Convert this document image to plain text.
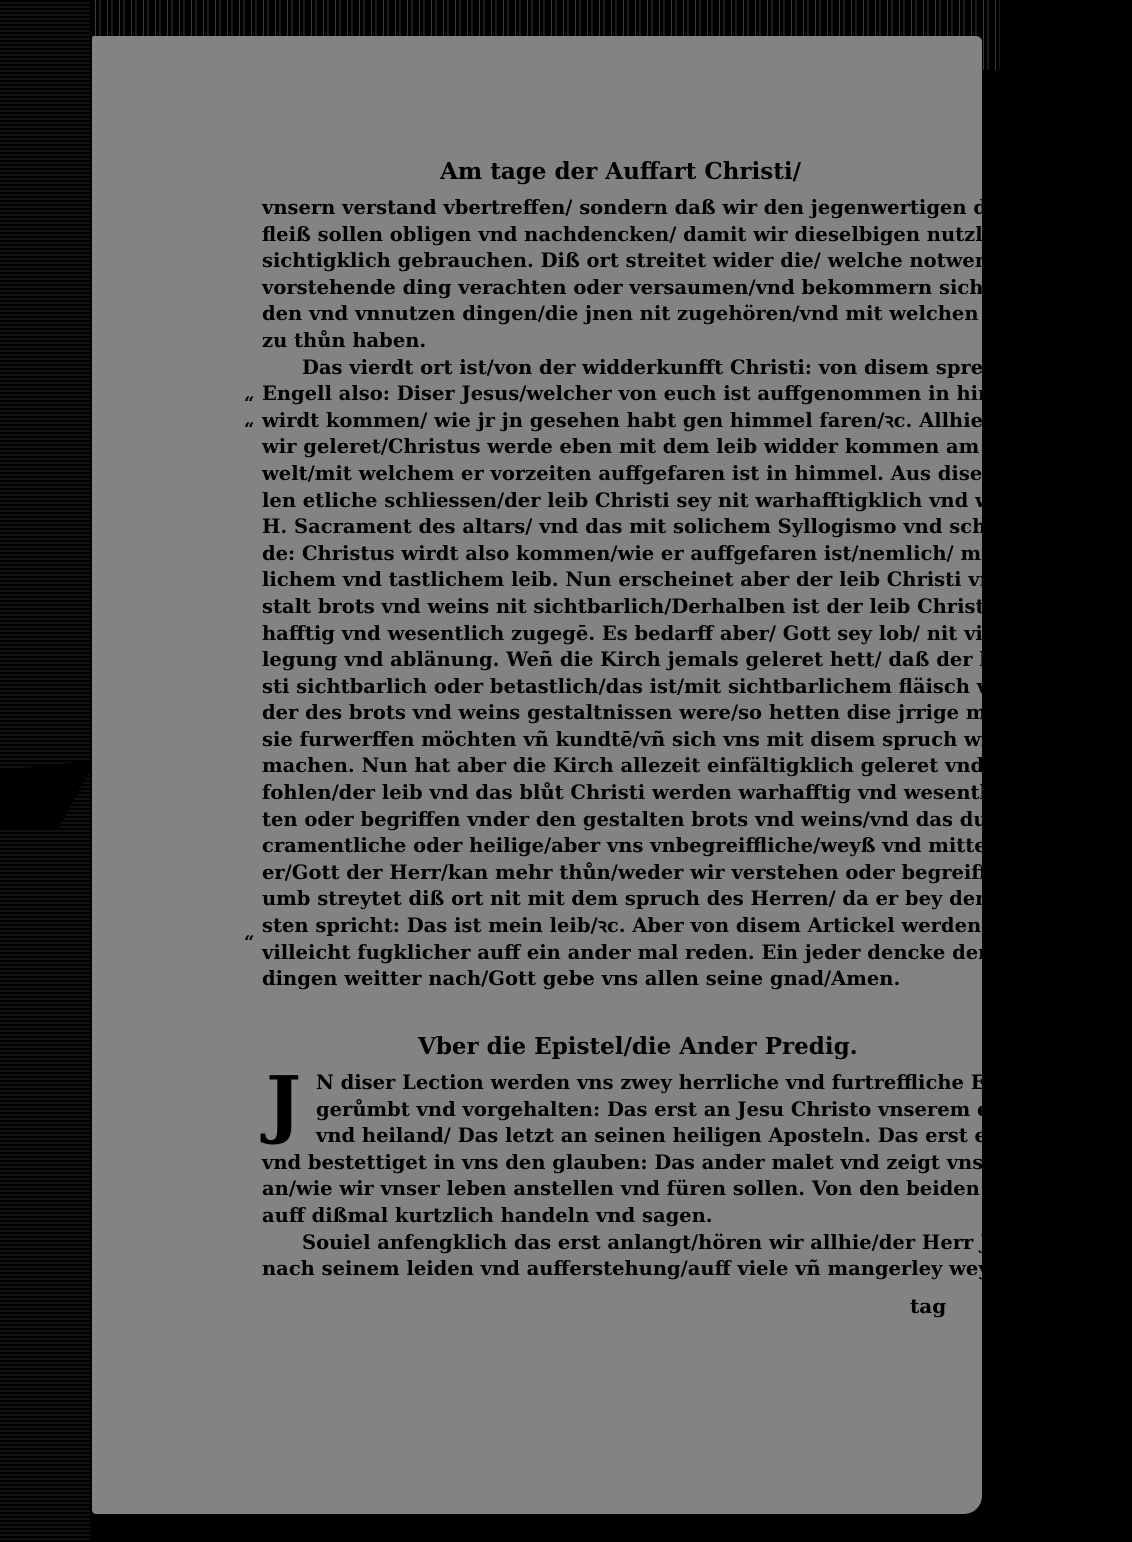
Am tage der Auffart Christi/

vnsern verstand vbertreffen/ sondern daß wir den jegenwertigen dingen mit

fleiß sollen obligen vnd nachdencken/ damit wir dieselbigen nutzlich vnd für-

sichtigklich gebrauchen. Diß ort streitet wider die/ welche notwendige vnd

vorstehende ding verachten oder versaumen/vnd bekommern sich mit fremb-

den vnd vnnutzen dingen/die jnen nit zugehören/vnd mit welchen sie auch nit

zu thůn haben.

Das vierdt ort ist/von der widderkunfft Christi: von disem sprechen die

Engell also: Diser Jesus/welcher von euch ist auffgenommen in himmel/

wirdt kommen/ wie jr jn gesehen habt gen himmel faren/ꝛc. Allhie werden

wir geleret/Christus werde eben mit dem leib widder kommen am ende der

welt/mit welchem er vorzeiten auffgefaren ist in himmel. Aus disem ort wol-

len etliche schliessen/der leib Christi sey nit warhafftigklich vnd wesentlich im

H. Sacrament des altars/ vnd das mit solichem Syllogismo vnd schloßre-

de: Christus wirdt also kommen/wie er auffgefaren ist/nemlich/ mit sichtbar-

lichem vnd tastlichem leib. Nun erscheinet aber der leib Christi vnter der ge-

stalt brots vnd weins nit sichtbarlich/Derhalben ist der leib Christi nit war-

hafftig vnd wesentlich zugegē. Es bedarff aber/ Gott sey lob/ nit vieler wider-

legung vnd ablänung. Weñ die Kirch jemals geleret hett/ daß der leib Chri-

sti sichtbarlich oder betastlich/das ist/mit sichtbarlichem fläisch vnd beinē vn-

der des brots vnd weins gestaltnissen were/so hetten dise jrrige menschen/ das

sie furwerffen möchten vñ kundtē/vñ sich vns mit disem spruch widerstrebig

machen. Nun hat aber die Kirch allezeit einfältigklich geleret vnd zu leren be-

fohlen/der leib vnd das blůt Christi werden warhafftig vnd wesentlich behal-

ten oder begriffen vnder den gestalten brots vnd weins/vnd das durch ein sa-

cramentliche oder heilige/aber vns vnbegreiffliche/weyß vnd mittel. Dann

er/Gott der Herr/kan mehr thůn/weder wir verstehen oder begreiffen. Dar-

umb streytet diß ort nit mit dem spruch des Herren/ da er bey den Euangeli-

sten spricht: Das ist mein leib/ꝛc. Aber von disem Artickel werden wir

villeicht fugklicher auff ein ander mal reden. Ein jeder dencke den jetztgesagtē

dingen weitter nach/Gott gebe vns allen seine gnad/Amen.

“
“
“
Vber die Epistel/die Ander Predig.
J N diser Lection werden vns zwey herrliche vnd furtreffliche Exempell

gerůmbt vnd vorgehalten: Das erst an Jesu Christo vnserem erlöser

vnd heiland/ Das letzt an seinen heiligen Aposteln. Das erst erfordert

vnd bestettiget in vns den glauben: Das ander malet vnd zeigt vns deutlich

an/wie wir vnser leben anstellen vnd füren sollen. Von den beiden wöllē wir

auff dißmal kurtzlich handeln vnd sagen.

Souiel anfengklich das erst anlangt/hören wir allhie/der Herr Jesus sey

nach seinem leiden vnd aufferstehung/auff viele vñ mangerley weyß/ viertzig

tag
